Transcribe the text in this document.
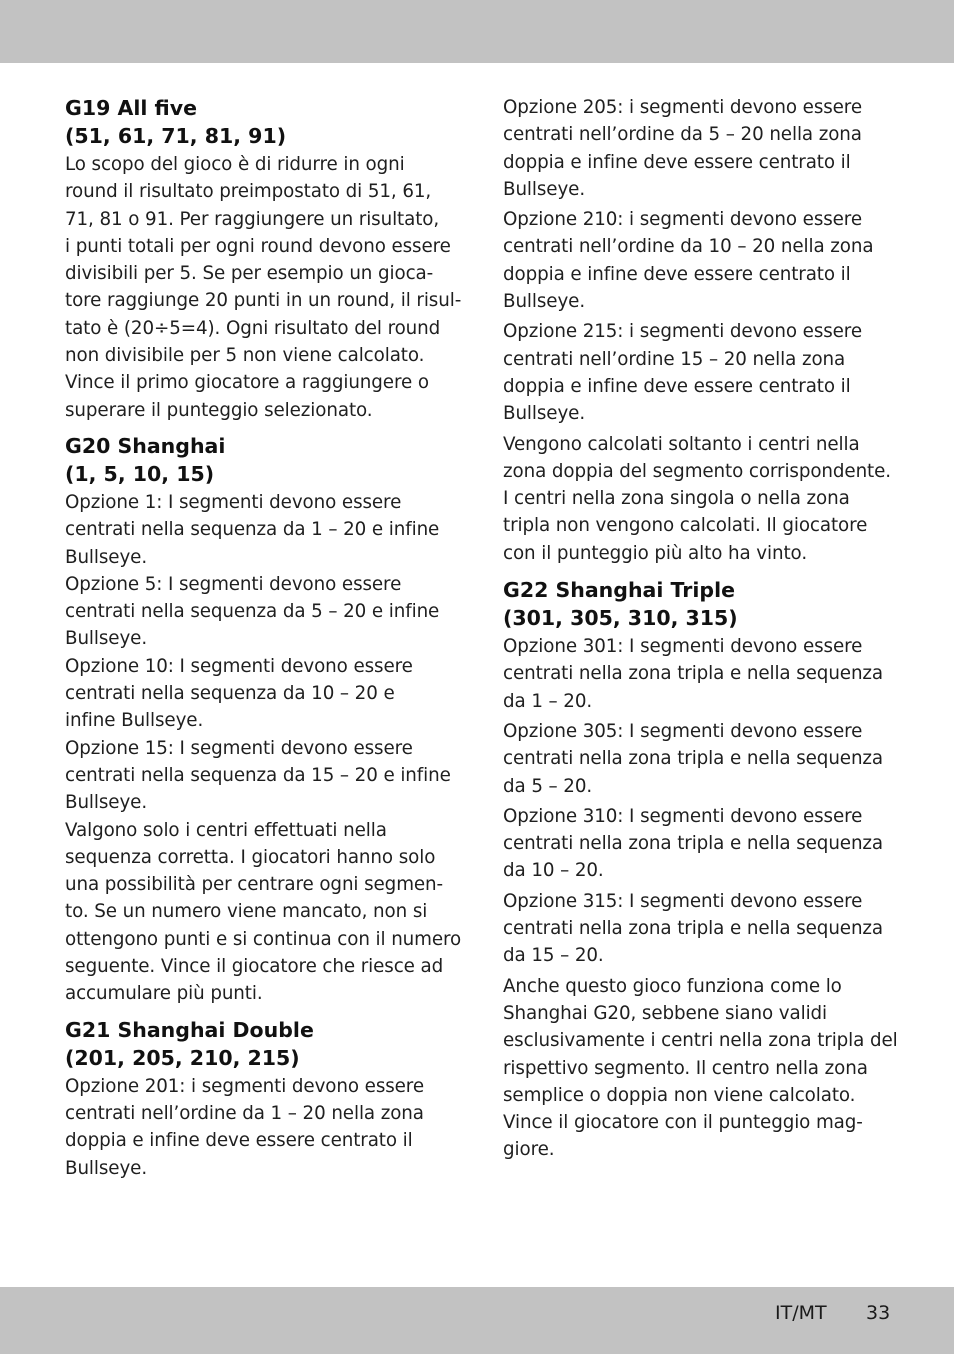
G19 All five
(51, 61, 71, 81, 91)

Lo scopo del gioco è di ridurre in ogni
round il risultato preimpostato di 51, 61,
71, 81 o 91. Per raggiungere un risultato,
i punti totali per ogni round devono essere
divisibili per 5. Se per esempio un gioca-
tore raggiunge 20 punti in un round, il risul-
tato è (20÷5=4). Ogni risultato del round
non divisibile per 5 non viene calcolato.
Vince il primo giocatore a raggiungere o
superare il punteggio selezionato.

G20 Shanghai
(1, 5, 10, 15)

Opzione 1: I segmenti devono essere
centrati nella sequenza da 1 – 20 e infine
Bullseye.
Opzione 5: I segmenti devono essere
centrati nella sequenza da 5 – 20 e infine
Bullseye.
Opzione 10: I segmenti devono essere
centrati nella sequenza da 10 – 20 e
infine Bullseye.
Opzione 15: I segmenti devono essere
centrati nella sequenza da 15 – 20 e infine
Bullseye.
Valgono solo i centri effettuati nella
sequenza corretta. I giocatori hanno solo
una possibilità per centrare ogni segmen-
to. Se un numero viene mancato, non si
ottengono punti e si continua con il numero
seguente. Vince il giocatore che riesce ad
accumulare più punti.

G21 Shanghai Double
(201, 205, 210, 215)

Opzione 201: i segmenti devono essere
centrati nell’ordine da 1 – 20 nella zona
doppia e infine deve essere centrato il
Bullseye.

Opzione 205: i segmenti devono essere
centrati nell’ordine da 5 – 20 nella zona
doppia e infine deve essere centrato il
Bullseye.

Opzione 210: i segmenti devono essere
centrati nell’ordine da 10 – 20 nella zona
doppia e infine deve essere centrato il
Bullseye.

Opzione 215: i segmenti devono essere
centrati nell’ordine 15 – 20 nella zona
doppia e infine deve essere centrato il
Bullseye.

Vengono calcolati soltanto i centri nella
zona doppia del segmento corrispondente.
I centri nella zona singola o nella zona
tripla non vengono calcolati. Il giocatore
con il punteggio più alto ha vinto.

G22 Shanghai Triple
(301, 305, 310, 315)

Opzione 301: I segmenti devono essere
centrati nella zona tripla e nella sequenza
da 1 – 20.

Opzione 305: I segmenti devono essere
centrati nella zona tripla e nella sequenza
da 5 – 20.

Opzione 310: I segmenti devono essere
centrati nella zona tripla e nella sequenza
da 10 – 20.

Opzione 315: I segmenti devono essere
centrati nella zona tripla e nella sequenza
da 15 – 20.

Anche questo gioco funziona come lo
Shanghai G20, sebbene siano validi
esclusivamente i centri nella zona tripla del
rispettivo segmento. Il centro nella zona
semplice o doppia non viene calcolato.
Vince il giocatore con il punteggio mag-
giore.

IT/MT 33
